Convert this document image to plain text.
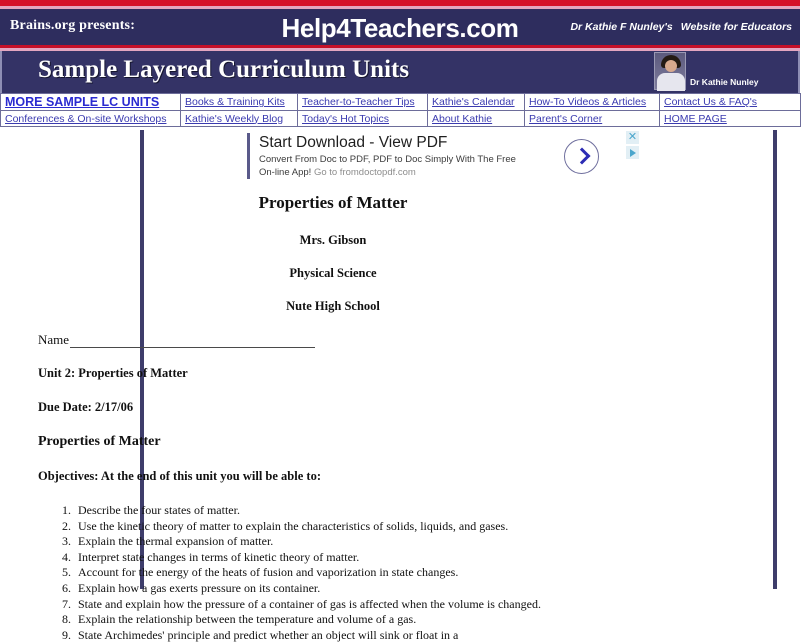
Brains.org presents:	Help4Teachers.com	Dr Kathie F Nunley's Website for Educators
Sample Layered Curriculum Units	Dr Kathie Nunley
MORE SAMPLE LC UNITS	Books & Training Kits	Teacher-to-Teacher Tips	Kathie's Calendar	How-To Videos & Articles	Contact Us & FAQ's
Conferences & On-site Workshops	Kathie's Weekly Blog	Today's Hot Topics	About Kathie	Parent's Corner	HOME PAGE
Start Download - View PDF
Convert From Doc to PDF, PDF to Doc Simply With The Free
On-line App! Go to fromdoctopdf.com
✕
Properties of Matter
Mrs. Gibson
Physical Science
Nute High School
Name
Unit 2: Properties of Matter
Due Date: 2/17/06
Properties of Matter
Objectives: At the end of this unit you will be able to:
1. Describe the four states of matter.
2. Use the kinetic theory of matter to explain the characteristics of solids, liquids, and gases.
3. Explain the thermal expansion of matter.
4. Interpret state changes in terms of kinetic theory of matter.
5. Account for the energy of the heats of fusion and vaporization in state changes.
6. Explain how a gas exerts pressure on its container.
7. State and explain how the pressure of a container of gas is affected when the volume is changed.
8. Explain the relationship between the temperature and volume of a gas.
9. State Archimedes' principle and predict whether an object will sink or float in a
